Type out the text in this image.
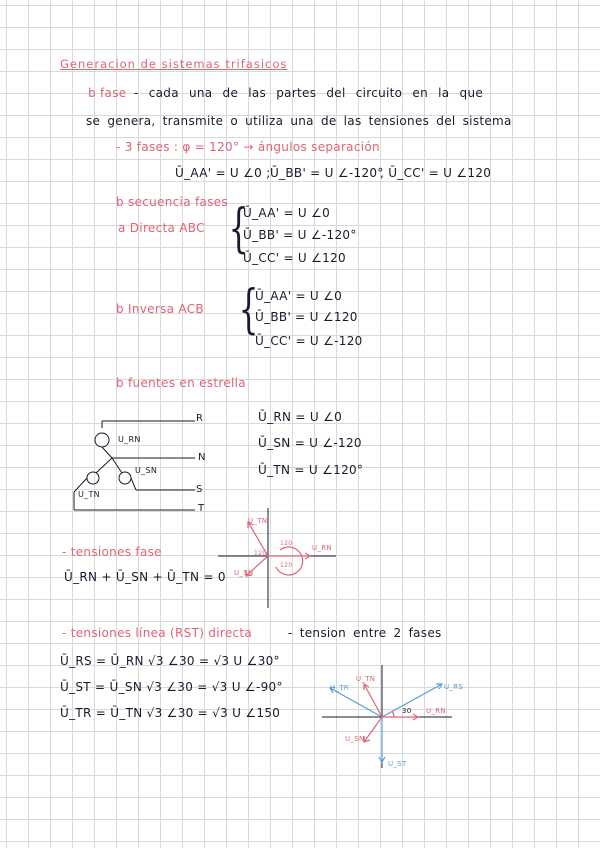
Generacion de sistemas trifasicos
b fase - cada una de las partes del circuito en la que
se genera, transmite o utiliza una de las tensiones del sistema
- 3 fases : φ = 120° → ángulos separación
Ū_AA' = U ∠0 ; Ū_BB' = U ∠-120°
, Ū_CC' = U ∠120
b secuencia fases
a Directa ABC {
Ū_AA' = U ∠0
Ū_BB' = U ∠-120°
Ū_CC' = U ∠120
b Inversa ACB {
Ū_AA' = U ∠0
Ū_BB' = U ∠120
Ū_CC' = U ∠-120
b fuentes en estrella
R
N
S
T
U_RN
U_SN
U_TN
Ū_RN = U ∠0
Ū_SN = U ∠-120
Ū_TN = U ∠120°
- tensiones fase
Ū_RN + Ū_SN + Ū_TN = 0
U_RN
U_TN
U_SN
120
120
120
- tensiones línea (RST) directa	- tension entre 2 fases
Ū_RS = Ū_RN √3 ∠30 = √3 U ∠30°
Ū_ST = Ū_SN √3 ∠30 = √3 U ∠-90°
Ū_TR = Ū_TN √3 ∠30 = √3 U ∠150
U_RS
U_TR
U_ST
U_RN
U_TN
U_SN
30
